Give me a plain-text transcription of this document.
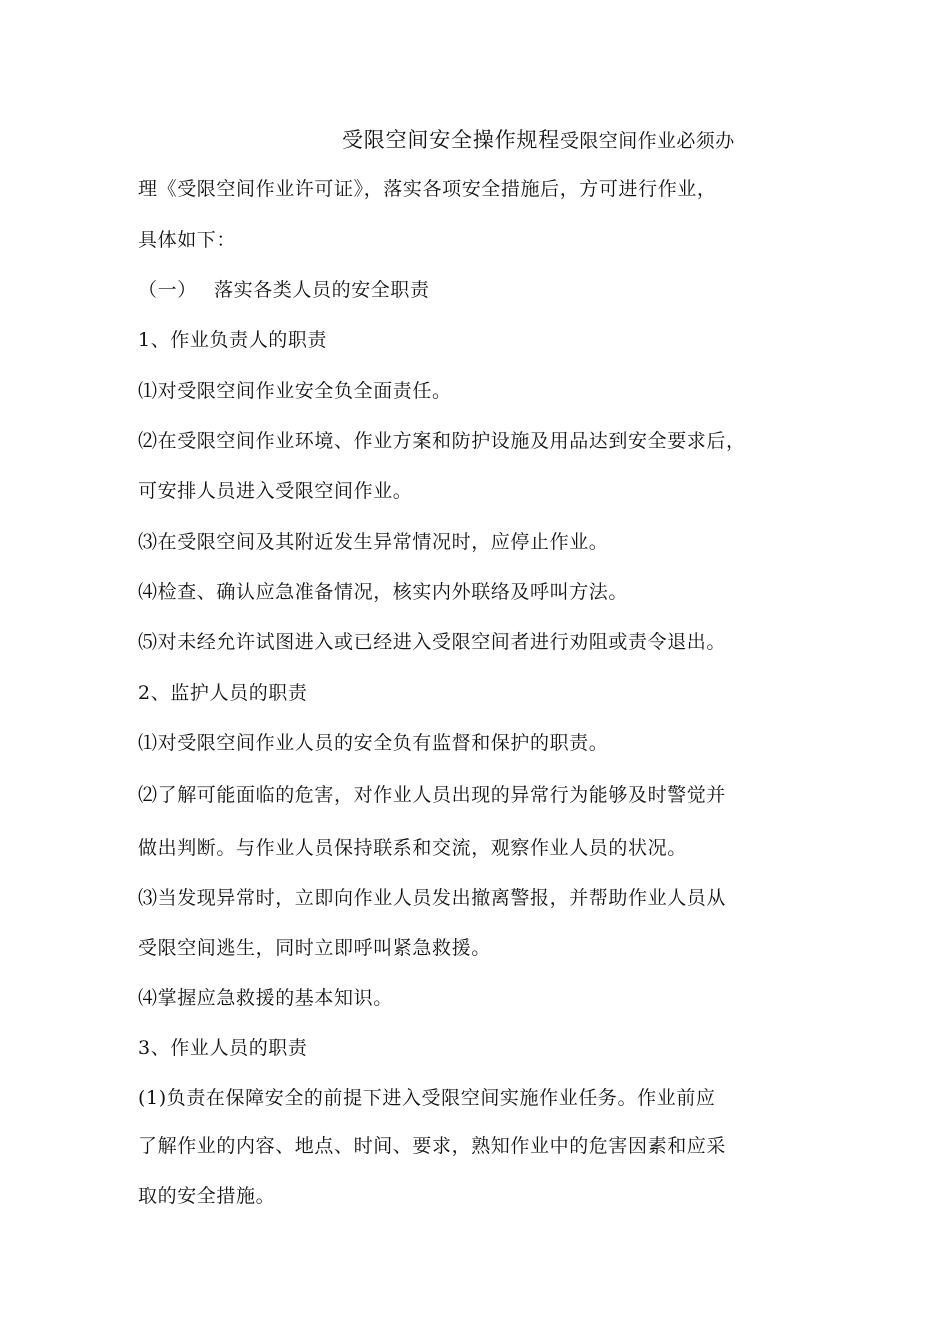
受限空间安全操作规程受限空间作业必须办
理《受限空间作业许可证》，落实各项安全措施后，方可进行作业，
具体如下：
（一） 落实各类人员的安全职责
1、作业负责人的职责
⑴对受限空间作业安全负全面责任。
⑵在受限空间作业环境、作业方案和防护设施及用品达到安全要求后，
可安排人员进入受限空间作业。
⑶在受限空间及其附近发生异常情况时，应停止作业。
⑷检查、确认应急准备情况，核实内外联络及呼叫方法。
⑸对未经允许试图进入或已经进入受限空间者进行劝阻或责令退出。
2、监护人员的职责
⑴对受限空间作业人员的安全负有监督和保护的职责。
⑵了解可能面临的危害，对作业人员出现的异常行为能够及时警觉并
做出判断。与作业人员保持联系和交流，观察作业人员的状况。
⑶当发现异常时，立即向作业人员发出撤离警报，并帮助作业人员从
受限空间逃生，同时立即呼叫紧急救援。
⑷掌握应急救援的基本知识。
3、作业人员的职责
(1)负责在保障安全的前提下进入受限空间实施作业任务。作业前应
了解作业的内容、地点、时间、要求，熟知作业中的危害因素和应采
取的安全措施。
